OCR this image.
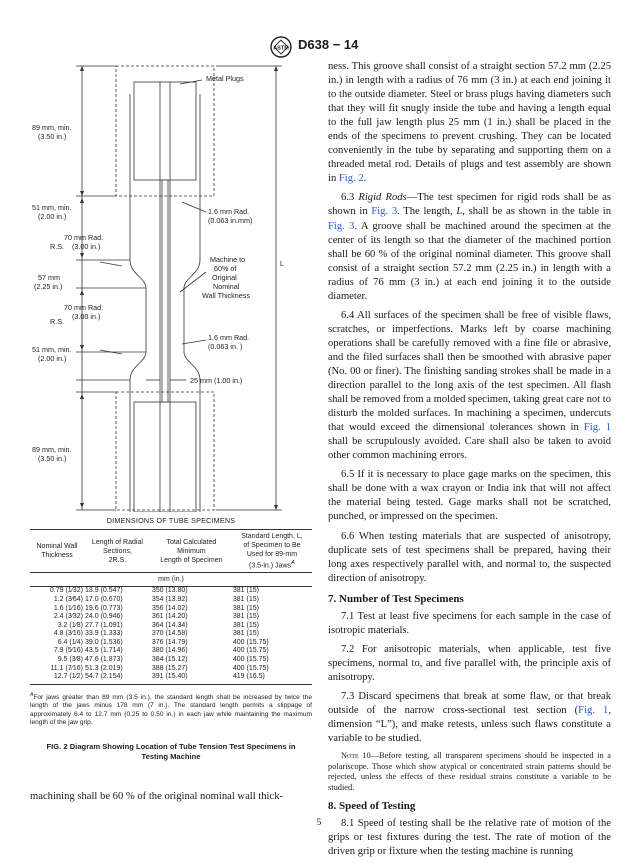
ASTM D638 − 14
Metal Plugs
89 mm, min.
(3.50 in.)
51 mm, min.
(2.00 in.)
70 mm Rad.
(3.00 in.)
R.S.
57 mm
(2.25 in.)
70 mm Rad.
(3.00 in.)
R.S.
51 mm, min.
(2.00 in.)
89 mm, min.
(3.50 in.)
1.6 mm Rad.
(0.063 in.mm)
Machine to
60% of
Original
Nominal
Wall Thickness
1.6 mm Rad.
(0.063 in. )
25 mm (1.00 in.)
L
DIMENSIONS OF TUBE SPECIMENS
Nominal Wall
Thickness	Length of Radial
Sections,
2R.S.	Total Calculated
Minimum
Length of Specimen	Standard Length, L,
of Specimen to Be
Used for 89-mm
(3.5-in.) Jaws$^A$
mm (in.)			
0.79 (1⁄32)	13.9 (0.547)	350 (13.80)	381 (15)
1.2 (3⁄64)	17.0 (0.670)	354 (13.92)	381 (15)
1.6 (1⁄16)	19.6 (0.773)	356 (14.02)	381 (15)
2.4 (3⁄32)	24.0 (0.946)	361 (14.20)	381 (15)
3.2 (1⁄8)	27.7 (1.091)	364 (14.34)	381 (15)
4.8 (3⁄16)	33.9 (1.333)	370 (14.58)	381 (15)
6.4 (1⁄4)	39.0 (1.536)	376 (14.79)	400 (15.75)
7.9 (5⁄16)	43.5 (1.714)	380 (14.96)	400 (15.75)
9.5 (3⁄8)	47.6 (1.873)	384 (15.12)	400 (15.75)
11.1 (7⁄16)	51.3 (2.019)	388 (15.27)	400 (15.75)
12.7 (1⁄2)	54.7 (2.154)	391 (15.40)	419 (16.5)
$^A$For jaws greater than 89 mm (3.5 in.), the standard length shall be increased by twice the length of the jaws minus 178 mm (7 in.). The standard length permits a slippage of approximately 6.4 to 12.7 mm (0.25 to 0.50 in.) in each jaw while maintaining the maximum length of the jaw grip.
FIG. 2 Diagram Showing Location of Tube Tension Test Specimens in Testing Machine
machining shall be 60 % of the original nominal wall thick-

ness. This groove shall consist of a straight section 57.2 mm (2.25 in.) in length with a radius of 76 mm (3 in.) at each end joining it to the outside diameter. Steel or brass plugs having diameters such that they will fit snugly inside the tube and having a length equal to the full jaw length plus 25 mm (1 in.) shall be placed in the ends of the specimens to prevent crushing. They can be located conveniently in the tube by separating and supporting them on a threaded metal rod. Details of plugs and test assembly are shown in Fig. 2.

6.3 Rigid Rods—The test specimen for rigid rods shall be as shown in Fig. 3. The length, L, shall be as shown in the table in Fig. 3. A groove shall be machined around the specimen at the center of its length so that the diameter of the machined portion shall be 60 % of the original nominal diameter. This groove shall consist of a straight section 57.2 mm (2.25 in.) in length with a radius of 76 mm (3 in.) at each end joining it to the outside diameter.

6.4 All surfaces of the specimen shall be free of visible flaws, scratches, or imperfections. Marks left by coarse machining operations shall be carefully removed with a fine file or abrasive, and the filed surfaces shall then be smoothed with abrasive paper (No. 00 or finer). The finishing sanding strokes shall be made in a direction parallel to the long axis of the test specimen. All flash shall be removed from a molded specimen, taking great care not to disturb the molded surfaces. In machining a specimen, undercuts that would exceed the dimensional tolerances shown in Fig. 1 shall be scrupulously avoided. Care shall also be taken to avoid other common machining errors.

6.5 If it is necessary to place gage marks on the specimen, this shall be done with a wax crayon or India ink that will not affect the material being tested. Gage marks shall not be scratched, punched, or impressed on the specimen.

6.6 When testing materials that are suspected of anisotropy, duplicate sets of test specimens shall be prepared, having their long axes respectively parallel with, and normal to, the suspected direction of anisotropy.

7. Number of Test Specimens

7.1 Test at least five specimens for each sample in the case of isotropic materials.

7.2 For anisotropic materials, when applicable, test five specimens, normal to, and five parallel with, the principle axis of anisotropy.

7.3 Discard specimens that break at some flaw, or that break outside of the narrow cross-sectional test section (Fig. 1, dimension “L”), and make retests, unless such flaws constitute a variable to be studied.

Note 10—Before testing, all transparent specimens should be inspected in a polariscope. Those which show atypical or concentrated strain patterns should be rejected, unless the effects of these residual strains constitute a variable to be studied.

8. Speed of Testing

8.1 Speed of testing shall be the relative rate of motion of the grips or test fixtures during the test. The rate of motion of the driven grip or fixture when the testing machine is running

5
